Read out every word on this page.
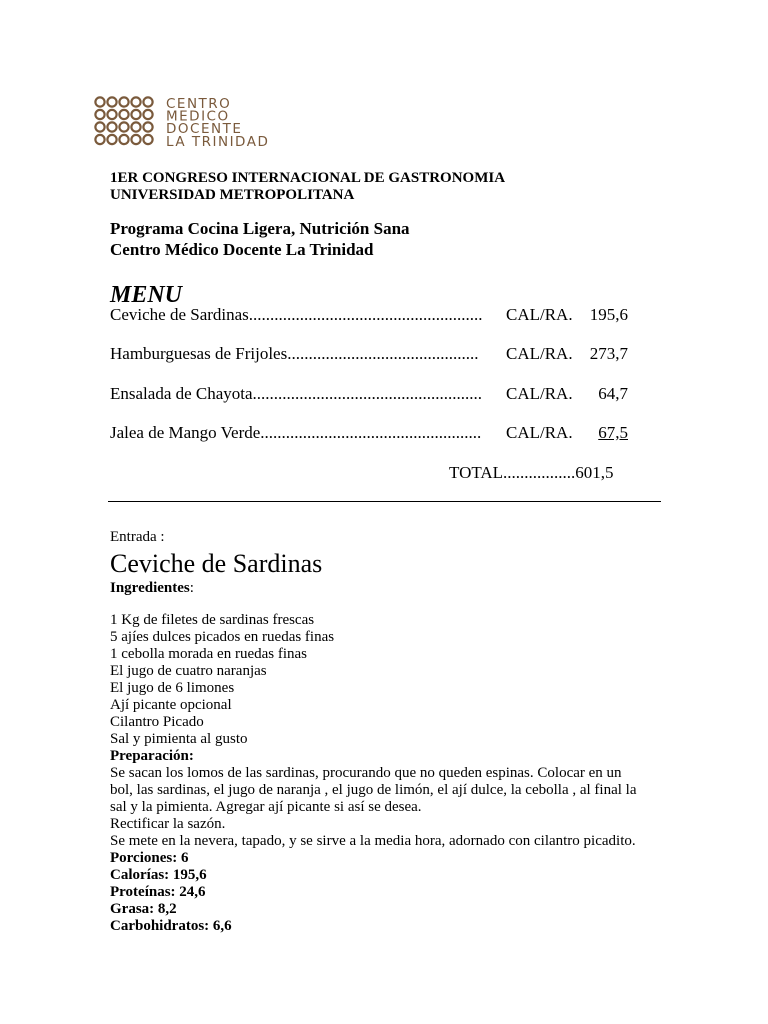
CENTRO
MEDICO
DOCENTE
LA TRINIDAD
1ER CONGRESO INTERNACIONAL DE GASTRONOMIA
UNIVERSIDAD METROPOLITANA
Programa Cocina Ligera, Nutrición Sana
Centro Médico Docente La Trinidad
MENU
Ceviche de Sardinas....................................................... CAL/RA. 195,6
Hamburguesas de Frijoles............................................. CAL/RA. 273,7
Ensalada de Chayota...................................................... CAL/RA. 64,7
Jalea de Mango Verde.................................................... CAL/RA. 67,5
TOTAL.................601,5
Entrada :
Ceviche de Sardinas
Ingredientes:
1 Kg de filetes de sardinas frescas
5 ajíes dulces picados en ruedas finas
1 cebolla morada en ruedas finas
El jugo de cuatro naranjas
El jugo de 6 limones
Ají picante opcional
Cilantro Picado
Sal y pimienta al gusto
Preparación:
Se sacan los lomos de las sardinas, procurando que no queden espinas. Colocar en un
bol, las sardinas, el jugo de naranja , el jugo de limón, el ají dulce, la cebolla , al final la
sal y la pimienta. Agregar ají picante si así se desea.
Rectificar la sazón.
Se mete en la nevera, tapado, y se sirve a la media hora, adornado con cilantro picadito.
Porciones: 6
Calorías: 195,6
Proteínas: 24,6
Grasa: 8,2
Carbohidratos: 6,6
